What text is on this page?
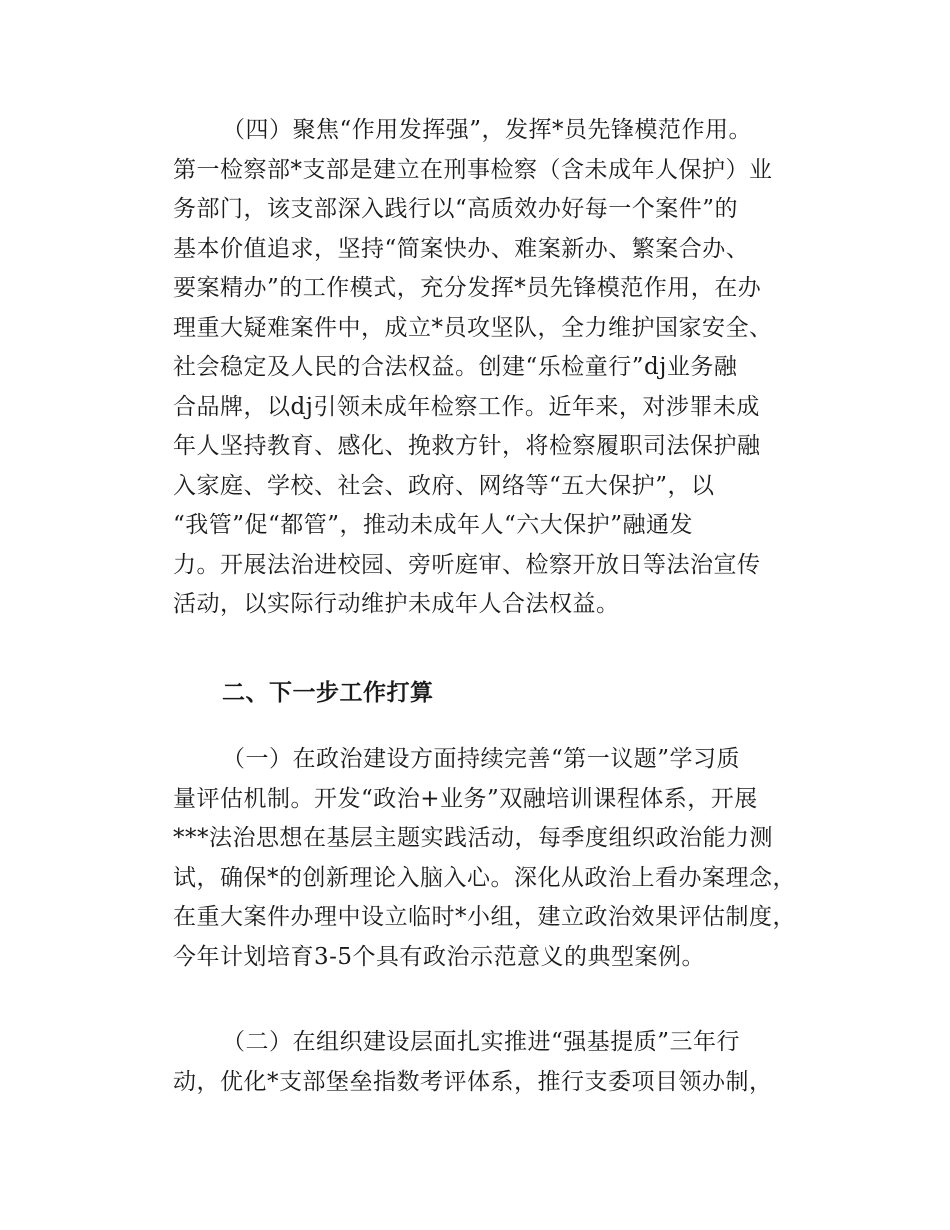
（四）聚焦“作用发挥强”，发挥*员先锋模范作用。
第一检察部*支部是建立在刑事检察（含未成年人保护）业
务部门，该支部深入践行以“高质效办好每一个案件”的
基本价值追求，坚持“简案快办、难案新办、繁案合办、
要案精办”的工作模式，充分发挥*员先锋模范作用，在办
理重大疑难案件中，成立*员攻坚队，全力维护国家安全、
社会稳定及人民的合法权益。创建“乐检童行”dj业务融
合品牌，以dj引领未成年检察工作。近年来，对涉罪未成
年人坚持教育、感化、挽救方针，将检察履职司法保护融
入家庭、学校、社会、政府、网络等“五大保护”，以
“我管”促“都管”，推动未成年人“六大保护”融通发
力。开展法治进校园、旁听庭审、检察开放日等法治宣传
活动，以实际行动维护未成年人合法权益。
二、下一步工作打算
（一）在政治建设方面持续完善“第一议题”学习质
量评估机制。开发“政治+业务”双融培训课程体系，开展
***法治思想在基层主题实践活动，每季度组织政治能力测
试，确保*的创新理论入脑入心。深化从政治上看办案理念，
在重大案件办理中设立临时*小组，建立政治效果评估制度，
今年计划培育3-5个具有政治示范意义的典型案例。
（二）在组织建设层面扎实推进“强基提质”三年行
动，优化*支部堡垒指数考评体系，推行支委项目领办制，
